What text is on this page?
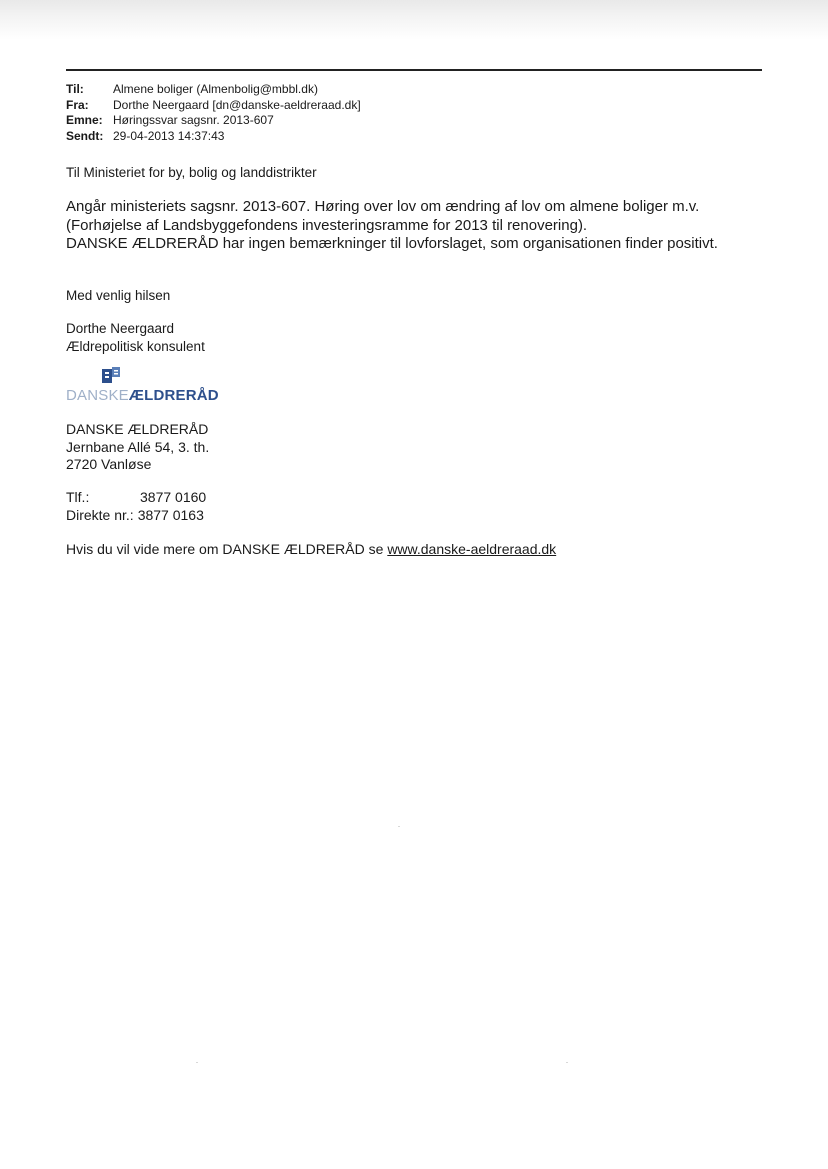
Til:	Almene boliger (Almenbolig@mbbl.dk)
Fra:	Dorthe Neergaard [dn@danske-aeldreraad.dk]
Emne: Høringssvar sagsnr. 2013-607
Sendt: 29-04-2013 14:37:43
Til Ministeriet for by, bolig og landdistrikter
Angår ministeriets sagsnr. 2013-607. Høring over lov om ændring af lov om almene boliger m.v.
(Forhøjelse af Landsbyggefondens investeringsramme for 2013 til renovering).
DANSKE ÆLDRERÅD har ingen bemærkninger til lovforslaget, som organisationen finder positivt.
Med venlig hilsen
Dorthe Neergaard
Ældrepolitisk konsulent
DANSKEÆLDRERÅD
DANSKE ÆLDRERÅD
Jernbane Allé 54, 3. th.
2720 Vanløse
Tlf.:	3877 0160
Direkte nr.: 3877 0163
Hvis du vil vide mere om DANSKE ÆLDRERÅD se www.danske-aeldreraad.dk
